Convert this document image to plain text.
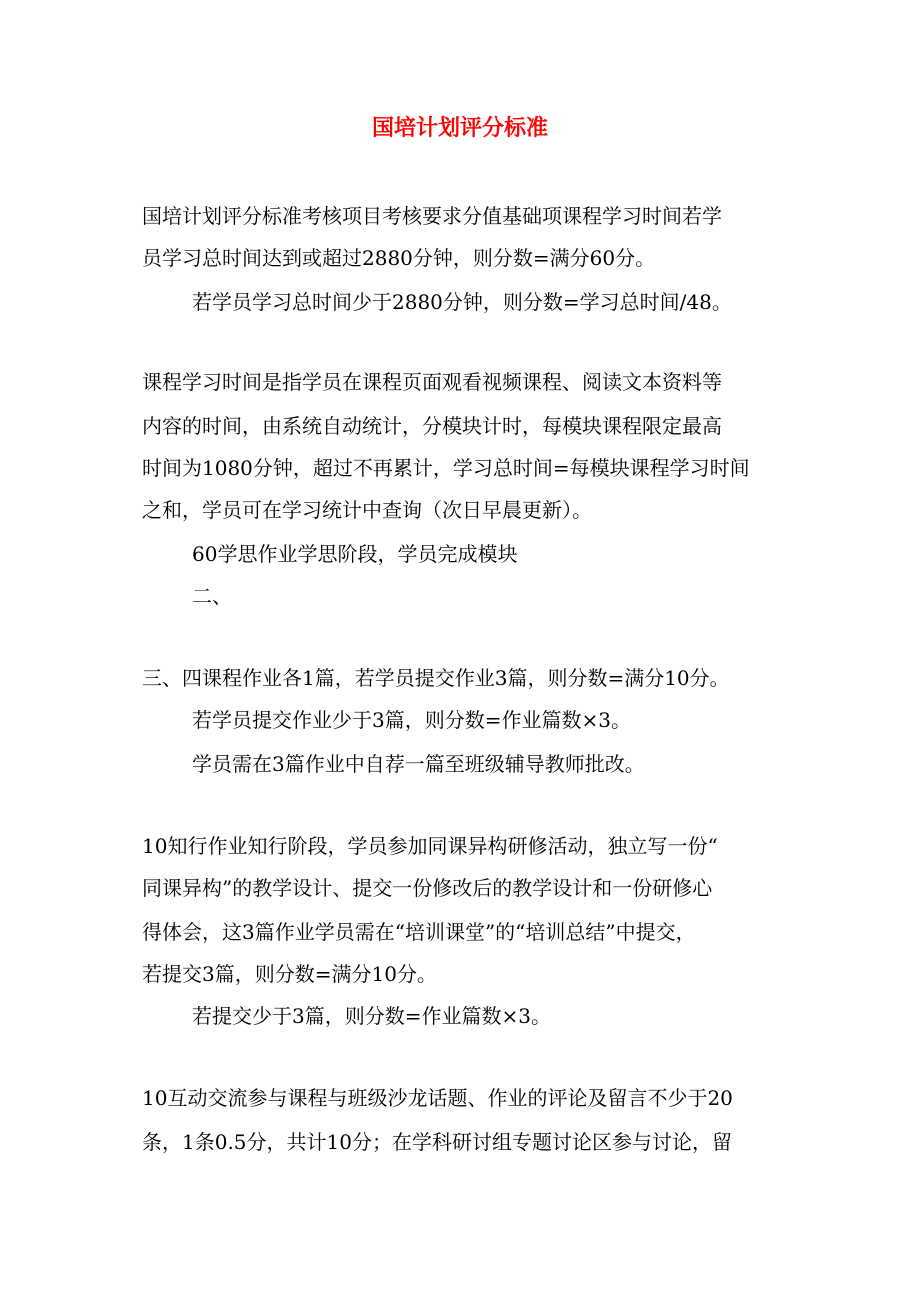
国培计划评分标准
国培计划评分标准考核项目考核要求分值基础项课程学习时间若学
员学习总时间达到或超过2880分钟，则分数=满分60分。
若学员学习总时间少于2880分钟，则分数=学习总时间/48。
课程学习时间是指学员在课程页面观看视频课程、阅读文本资料等
内容的时间，由系统自动统计，分模块计时，每模块课程限定最高
时间为1080分钟，超过不再累计，学习总时间=每模块课程学习时间
之和，学员可在学习统计中查询（次日早晨更新）。
60学思作业学思阶段，学员完成模块
二、
三、四课程作业各1篇，若学员提交作业3篇，则分数=满分10分。
若学员提交作业少于3篇，则分数=作业篇数×3。
学员需在3篇作业中自荐一篇至班级辅导教师批改。
10知行作业知行阶段，学员参加同课异构研修活动，独立写一份“
同课异构”的教学设计、提交一份修改后的教学设计和一份研修心
得体会，这3篇作业学员需在“培训课堂”的“培训总结”中提交，
若提交3篇，则分数=满分10分。
若提交少于3篇，则分数=作业篇数×3。
10互动交流参与课程与班级沙龙话题、作业的评论及留言不少于20
条，1条0.5分，共计10分；在学科研讨组专题讨论区参与讨论，留
